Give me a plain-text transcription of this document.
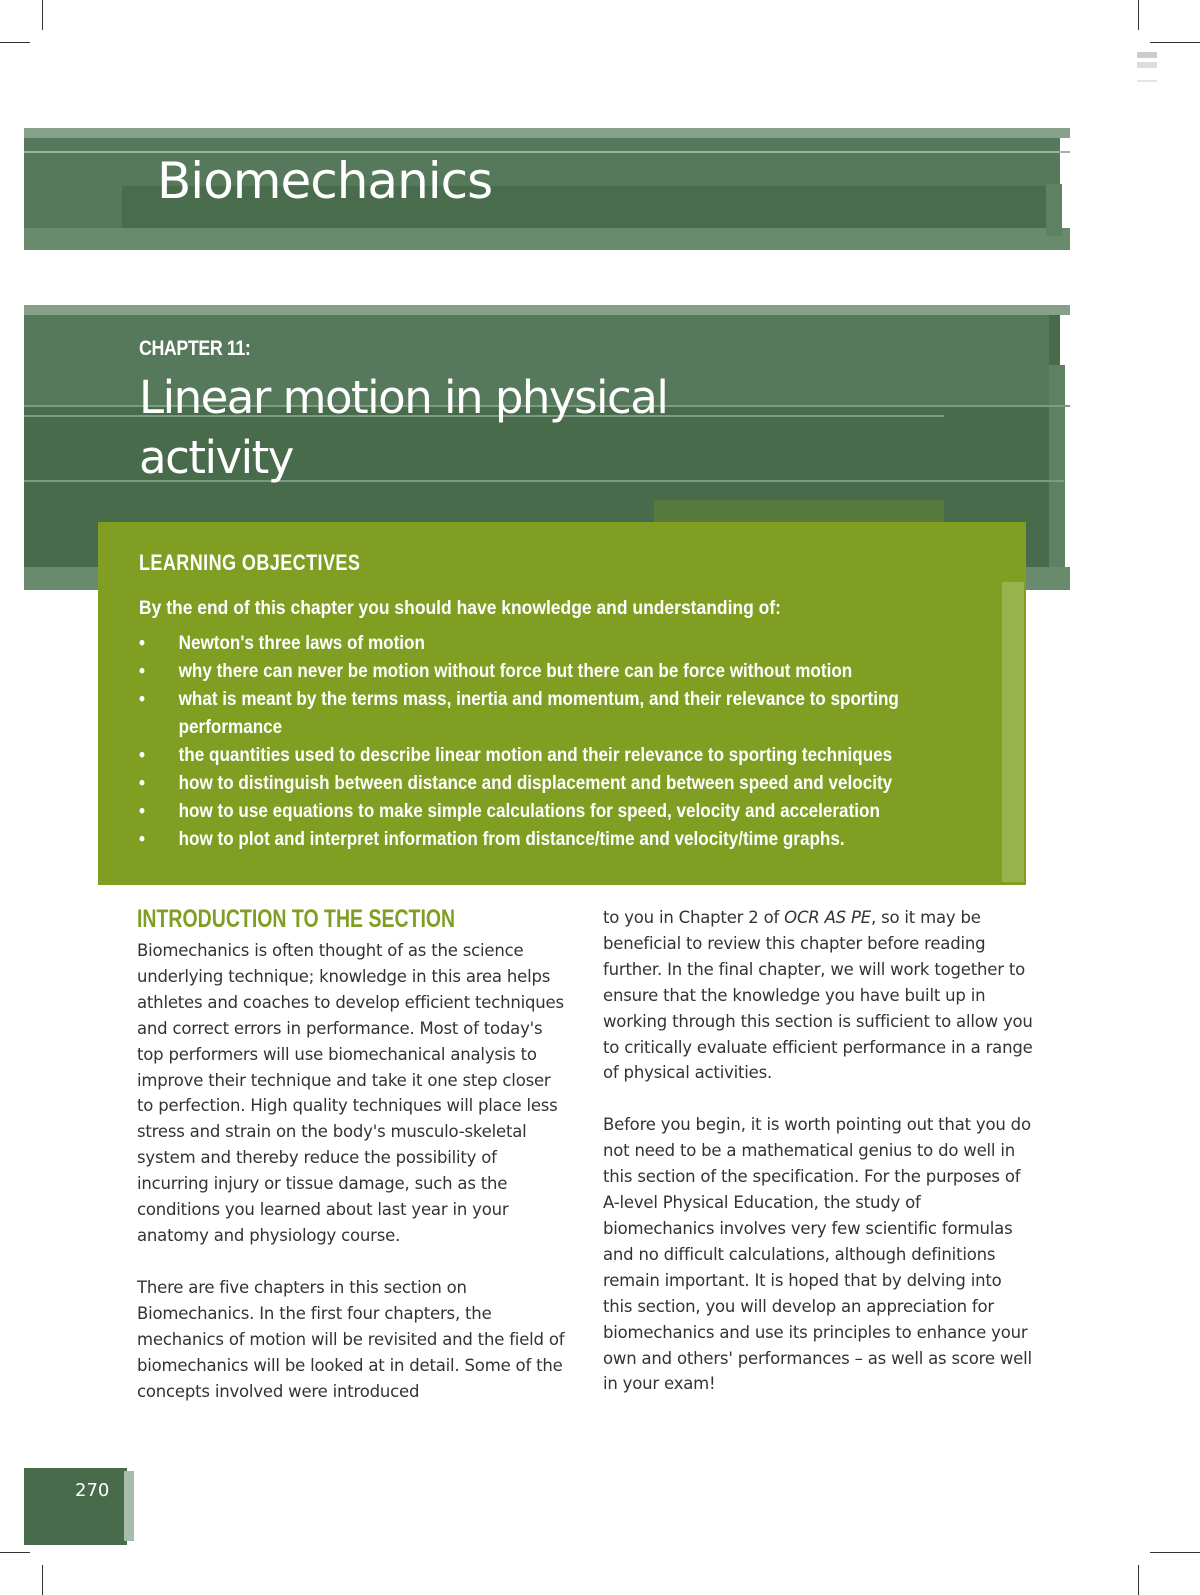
Biomechanics
CHAPTER 11:
Linear motion in physical activity
LEARNING OBJECTIVES
By the end of this chapter you should have knowledge and understanding of:
• Newton's three laws of motion
• why there can never be motion without force but there can be force without motion
• what is meant by the terms mass, inertia and momentum, and their relevance to sporting performance
• the quantities used to describe linear motion and their relevance to sporting techniques
• how to distinguish between distance and displacement and between speed and velocity
• how to use equations to make simple calculations for speed, velocity and acceleration
• how to plot and interpret information from distance/time and velocity/time graphs.
INTRODUCTION TO THE SECTION

Biomechanics is often thought of as the science underlying technique; knowledge in this area helps athletes and coaches to develop efficient techniques and correct errors in performance. Most of today's top performers will use biomechanical analysis to improve their technique and take it one step closer to perfection. High quality techniques will place less stress and strain on the body's musculo-skeletal system and thereby reduce the possibility of incurring injury or tissue damage, such as the conditions you learned about last year in your anatomy and physiology course.

There are five chapters in this section on Biomechanics. In the first four chapters, the mechanics of motion will be revisited and the field of biomechanics will be looked at in detail. Some of the concepts involved were introduced

to you in Chapter 2 of OCR AS PE, so it may be beneficial to review this chapter before reading further. In the final chapter, we will work together to ensure that the knowledge you have built up in working through this section is sufficient to allow you to critically evaluate efficient performance in a range of physical activities.

Before you begin, it is worth pointing out that you do not need to be a mathematical genius to do well in this section of the specification. For the purposes of A-level Physical Education, the study of biomechanics involves very few scientific formulas and no difficult calculations, although definitions remain important. It is hoped that by delving into this section, you will develop an appreciation for biomechanics and use its principles to enhance your own and others' performances – as well as score well in your exam!

270
